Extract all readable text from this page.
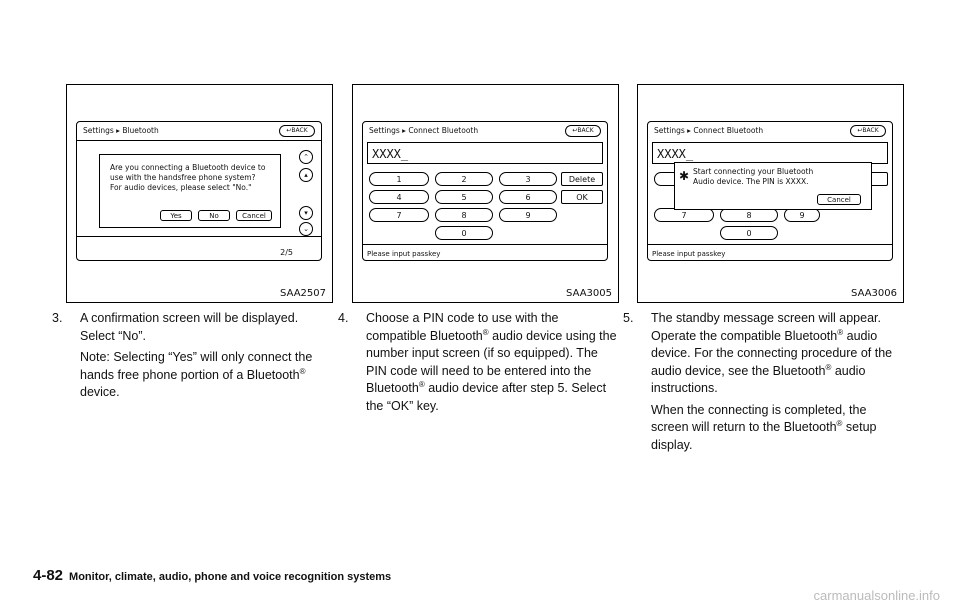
Settings ▸ Bluetooth	↩BACK
⌃
▴
▾
⌄
2/5
Are you connecting a Bluetooth device to
use with the handsfree phone system?
For audio devices, please select "No."
Yes	No	Cancel
SAA2507
Settings ▸ Connect Bluetooth	↩BACK
XXXX_
1	2	3
4	5	6
7	8	9
0
Delete
OK
Please input passkey
SAA3005
Settings ▸ Connect Bluetooth	↩BACK
XXXX_
7	8	9
0
Please input passkey
✱ Start connecting your Bluetooth
Audio device. The PIN is XXXX.
Cancel
SAA3006

3. A confirmation screen will be displayed. Select “No”.

Note: Selecting “Yes” will only connect the hands free phone portion of a Bluetooth® device.

4. Choose a PIN code to use with the compatible Bluetooth® audio device using the number input screen (if so equipped). The PIN code will need to be entered into the Bluetooth® audio device after step 5. Select the “OK” key.

5. The standby message screen will appear. Operate the compatible Bluetooth® audio device. For the connecting procedure of the audio device, see the Bluetooth® audio instructions.

When the connecting is completed, the screen will return to the Bluetooth® setup display.

4-82 Monitor, climate, audio, phone and voice recognition systems
carmanualsonline.info
